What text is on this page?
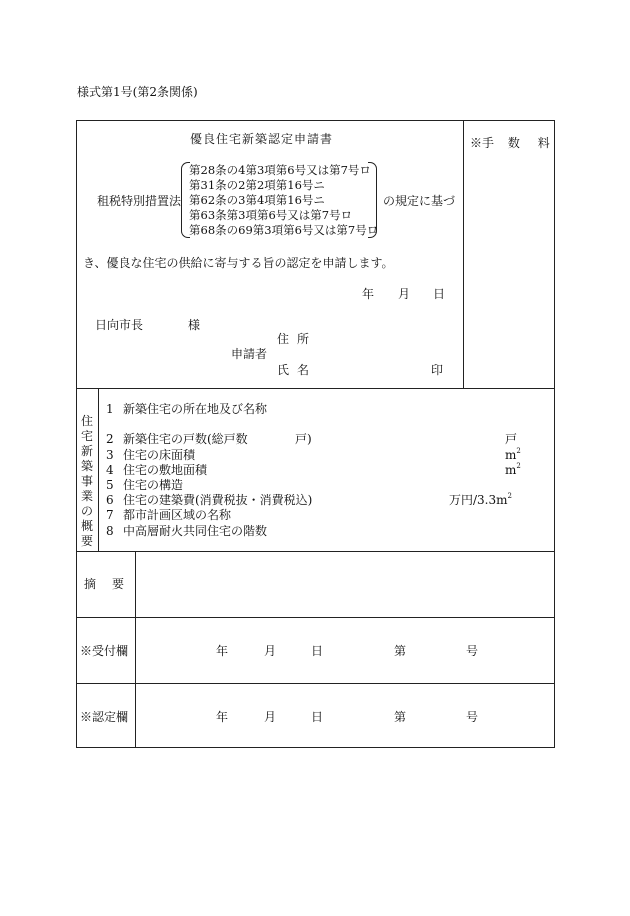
様式第1号(第2条関係)
優良住宅新築認定申請書	※手 数 料
租税特別措置法
第28条の4第3項第6号又は第7号ロ
第31条の2第2項第16号ニ
第62条の3第4項第16号ニ
第63条第3項第6号又は第7号ロ
第68条の69第3項第6号又は第7号ロ
の規定に基づ
き、優良な住宅の供給に寄与する旨の認定を申請します。
年 月 日
日向市長	様
住所
申請者
氏名	印
住
宅
新
築
事
業
の
概
要
1 新築住宅の所在地及び名称
2 新築住宅の戸数(総戸数	戸)	戸
3 住宅の床面積	$m^2$
4 住宅の敷地面積	$m^2$
5 住宅の構造
6 住宅の建築費(消費税抜・消費税込)	万円$/3.3m^2$
7 都市計画区域の名称
8 中高層耐火共同住宅の階数
摘要
※受付欄	年	月	日	第	号
※認定欄	年	月	日	第	号
